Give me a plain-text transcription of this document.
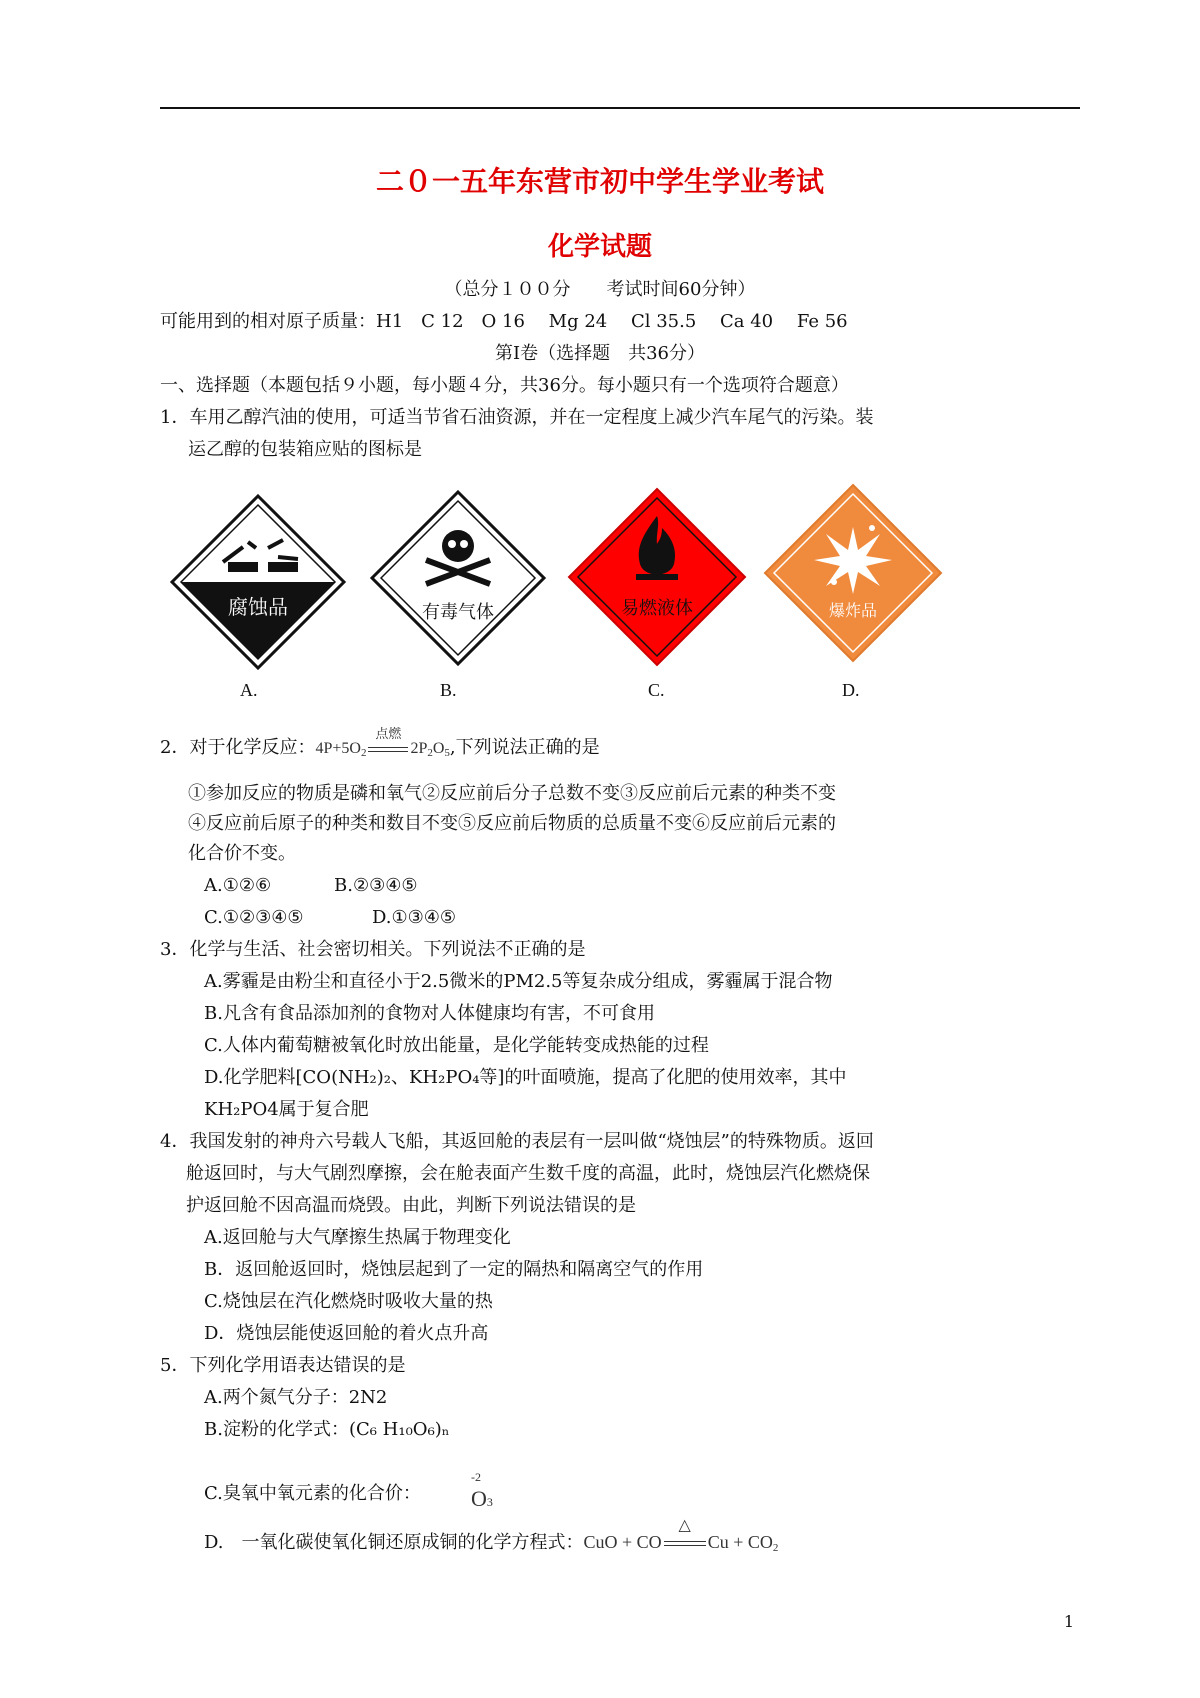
二０一五年东营市初中学生学业考试
化学试题
（总分１００分　　考试时间60分钟）
可能用到的相对原子质量：H1　C 12　O 16　 Mg 24　 Cl 35.5　 Ca 40　 Fe 56
第Ⅰ卷（选择题　共36分）
一、选择题（本题包括９小题，每小题４分，共36分。每小题只有一个选项符合题意）
1．车用乙醇汽油的使用，可适当节省石油资源，并在一定程度上减少汽车尾气的污染。装
运乙醇的包装箱应贴的图标是
腐蚀品
A.
有毒气体
B.
易燃液体
C.
爆炸品
D.
2．对于化学反应：$4P+5O_2$
点燃
$2P_2O_5$,下列说法正确的是
①参加反应的物质是磷和氧气②反应前后分子总数不变③反应前后元素的种类不变
④反应前后原子的种类和数目不变⑤反应前后物质的总质量不变⑥反应前后元素的
化合价不变。
A.①②⑥	B.②③④⑤
C.①②③④⑤	D.①③④⑤
3．化学与生活、社会密切相关。下列说法不正确的是
A.雾霾是由粉尘和直径小于2.5微米的PM2.5等复杂成分组成，雾霾属于混合物
B.凡含有食品添加剂的食物对人体健康均有害，不可食用
C.人体内葡萄糖被氧化时放出能量，是化学能转变成热能的过程
D.化学肥料[CO(NH₂)₂、KH₂PO₄等]的叶面喷施，提高了化肥的使用效率，其中
KH₂PO4属于复合肥
4．我国发射的神舟六号载人飞船，其返回舱的表层有一层叫做“烧蚀层”的特殊物质。返回
舱返回时，与大气剧烈摩擦，会在舱表面产生数千度的高温，此时，烧蚀层汽化燃烧保
护返回舱不因高温而烧毁。由此，判断下列说法错误的是
A.返回舱与大气摩擦生热属于物理变化
B．返回舱返回时，烧蚀层起到了一定的隔热和隔离空气的作用
C.烧蚀层在汽化燃烧时吸收大量的热
D．烧蚀层能使返回舱的着火点升高
5．下列化学用语表达错误的是
A.两个氮气分子：2N2
B.淀粉的化学式：(C₆ H₁₀O₆)ₙ
C.臭氧中氧元素的化合价：
-2
O3
D.　一氧化碳使氧化铜还原成铜的化学方程式：CuO + CO
△
$Cu + CO_2$
1
